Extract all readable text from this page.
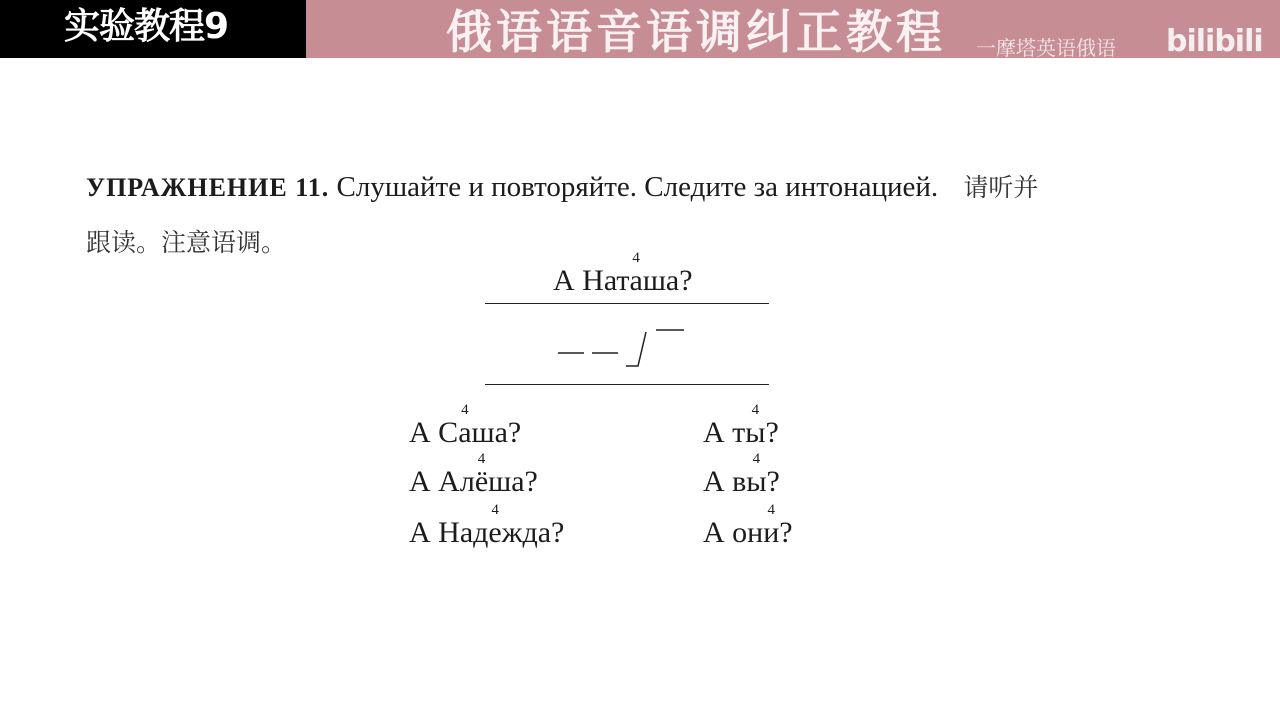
实验教程9	俄语语音语调纠正教程 一摩塔英语俄语 bilibili
УПРАЖНЕНИЕ 11. Слушайте и повторяйте. Следите за интонацией. 请听并
跟读。注意语调。
А Нат4 аша?
А С4 аша?
А Ал4 ёша?
А Над4 ежда?
А т4 ы?
А в4 ы?
А он4 и?
